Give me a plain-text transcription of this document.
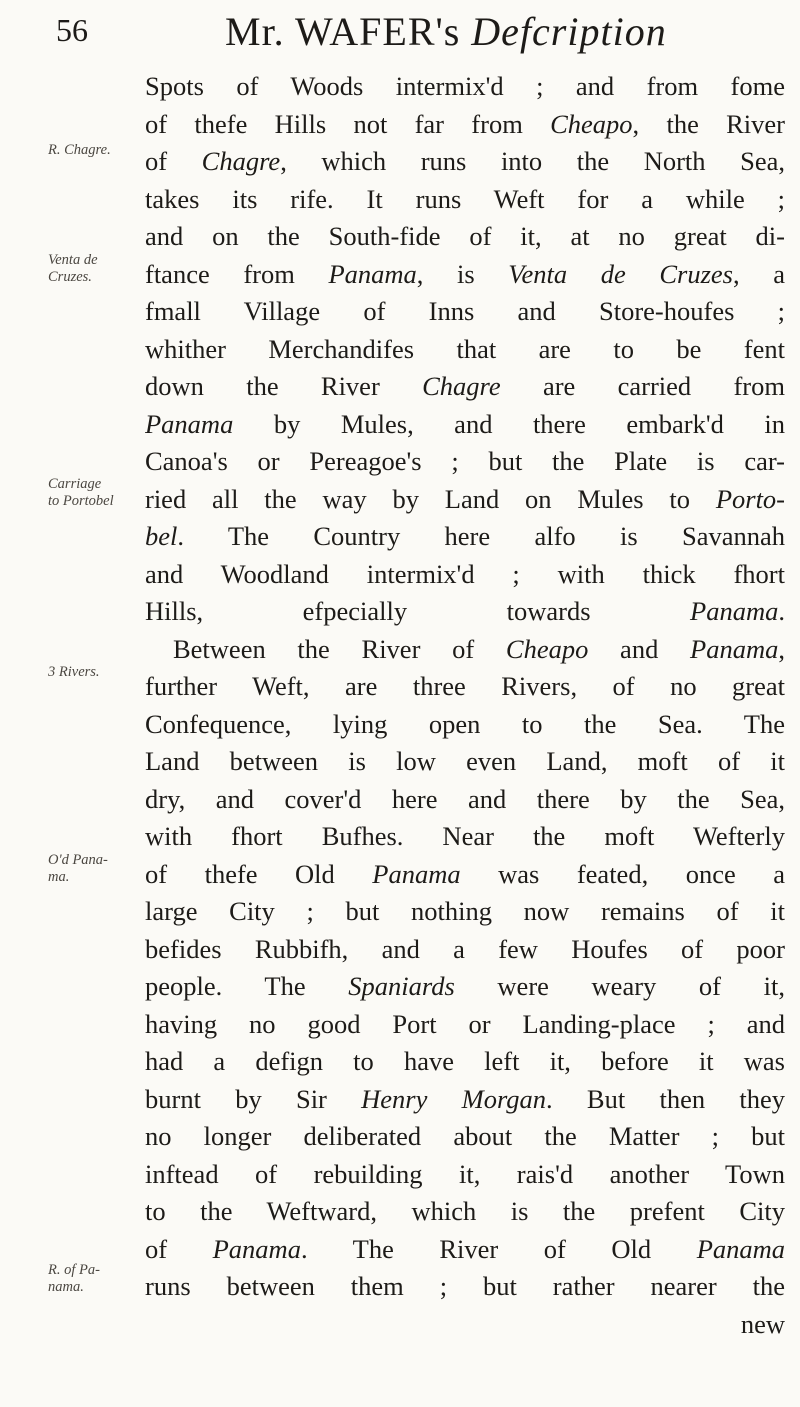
56	Mr. WAFER's Defcription
R. Chagre.
Venta de
Cruzes.
Carriage
to Portobel
3 Rivers.
O'd Pana-
ma.
R. of Pa-
nama.
Spots of Woods intermix'd ; and from fome
of thefe Hills not far from Cheapo, the River
of Chagre, which runs into the North Sea,
takes its rife. It runs Weft for a while ;
and on the South-fide of it, at no great di-
ftance from Panama, is Venta de Cruzes, a
fmall Village of Inns and Store-houfes ;
whither Merchandifes that are to be fent
down the River Chagre are carried from
Panama by Mules, and there embark'd in
Canoa's or Pereagoe's ; but the Plate is car-
ried all the way by Land on Mules to Porto-
bel. The Country here alfo is Savannah
and Woodland intermix'd ; with thick fhort
Hills, efpecially towards Panama.
Between the River of Cheapo and Panama,
further Weft, are three Rivers, of no great
Confequence, lying open to the Sea. The
Land between is low even Land, moft of it
dry, and cover'd here and there by the Sea,
with fhort Bufhes. Near the moft Wefterly
of thefe Old Panama was feated, once a
large City ; but nothing now remains of it
befides Rubbifh, and a few Houfes of poor
people. The Spaniards were weary of it,
having no good Port or Landing-place ; and
had a defign to have left it, before it was
burnt by Sir Henry Morgan. But then they
no longer deliberated about the Matter ; but
inftead of rebuilding it, rais'd another Town
to the Weftward, which is the prefent City
of Panama. The River of Old Panama
runs between them ; but rather nearer the
new
